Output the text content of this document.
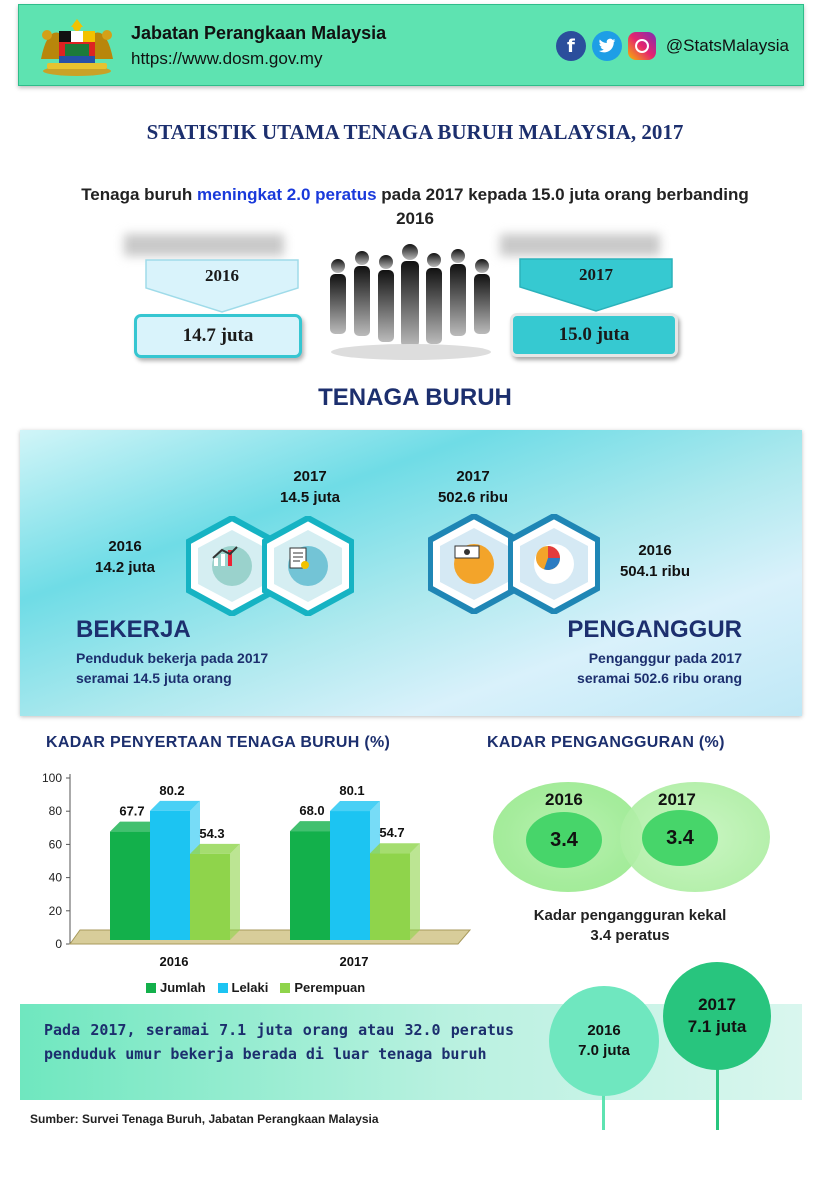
Jabatan Perangkaan Malaysia
https://www.dosm.gov.my
f	@StatsMalaysia
STATISTIK UTAMA TENAGA BURUH MALAYSIA, 2017
Tenaga buruh meningkat 2.0 peratus pada 2017 kepada 15.0 juta orang berbanding 2016
2016
14.7 juta
2017
15.0 juta
TENAGA BURUH
2017
14.5 juta
2016
14.2 juta
2017
502.6 ribu
2016
504.1 ribu
BEKERJA
Penduduk bekerja pada 2017
seramai 14.5 juta orang
PENGANGGUR
Penganggur pada 2017
seramai 502.6 ribu orang
KADAR PENYERTAAN TENAGA BURUH (%)
0
20
40
60
80
100
67.7
80.2
54.3
2016
68.0
80.1
54.7
2017
Jumlah	Lelaki	Perempuan
KADAR PENGANGGURAN (%)
2016	2017
3.4	3.4
Kadar pengangguran kekal
3.4 peratus
Pada 2017, seramai 7.1 juta orang atau 32.0 peratus penduduk umur bekerja berada di luar tenaga buruh
2016
7.0 juta
2017
7.1 juta
Sumber: Survei Tenaga Buruh, Jabatan Perangkaan Malaysia
